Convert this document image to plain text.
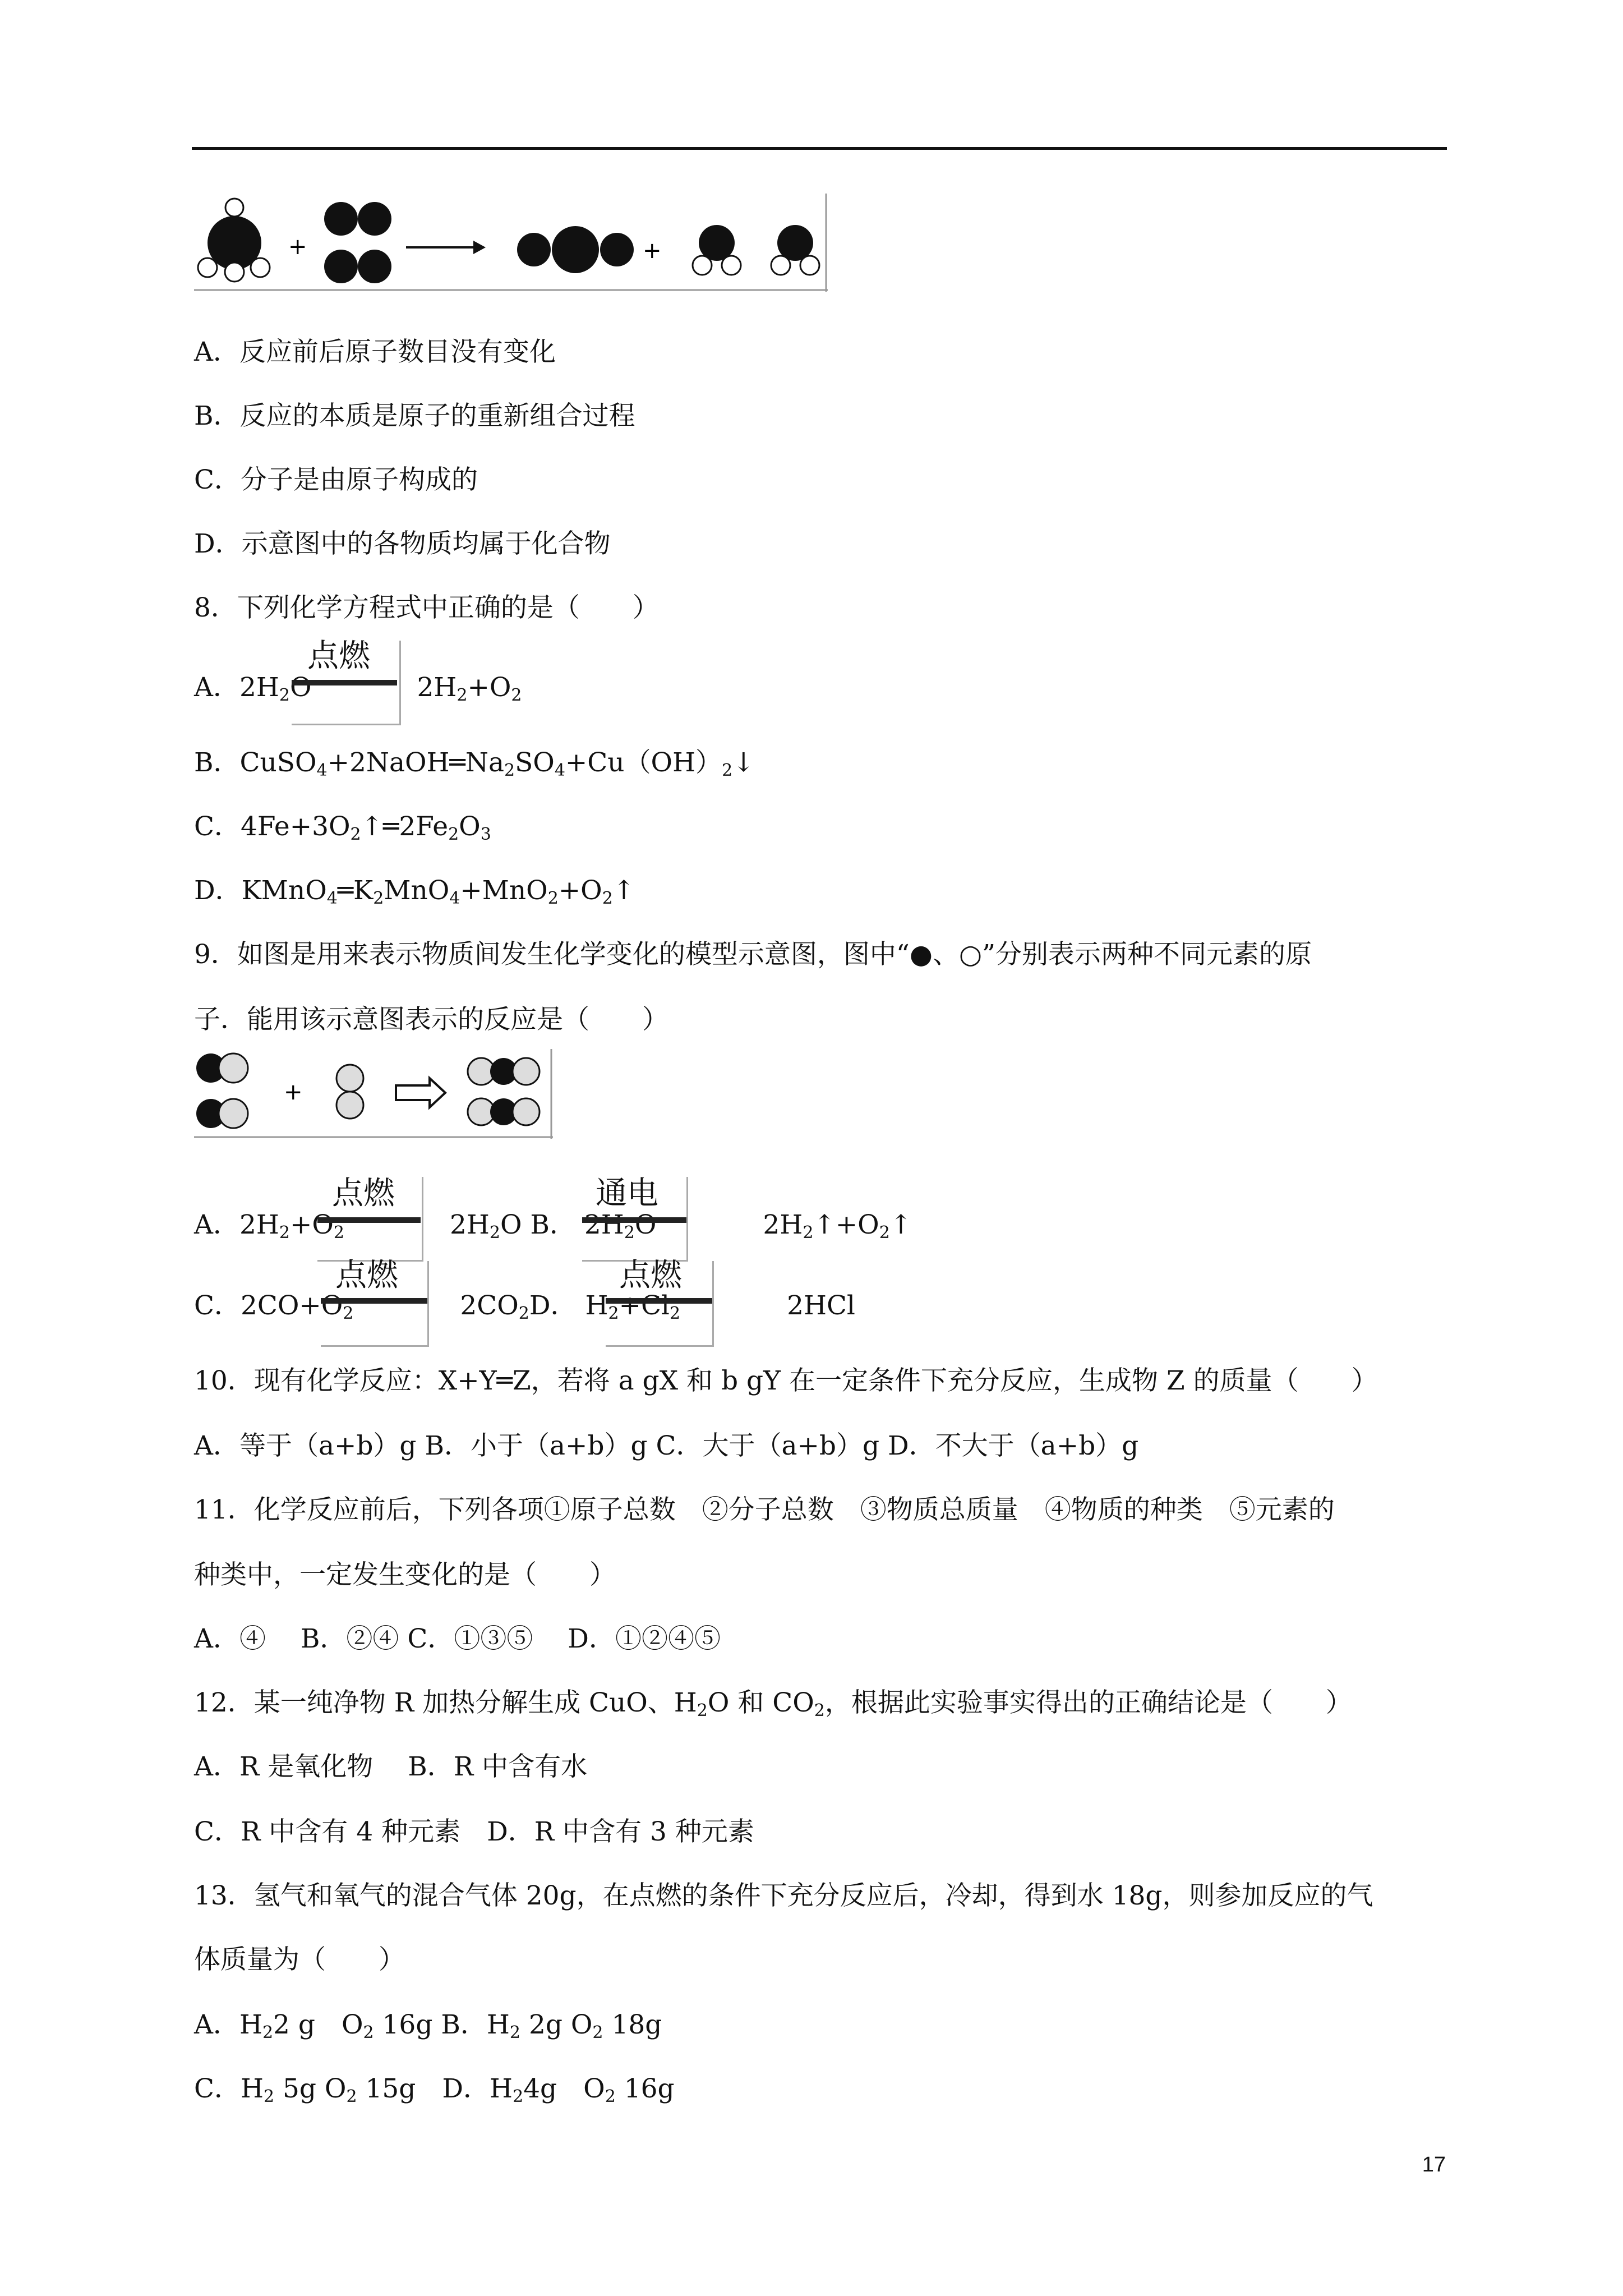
+	+
A．反应前后原子数目没有变化
B．反应的本质是原子的重新组合过程
C．分子是由原子构成的
D．示意图中的各物质均属于化合物
8．下列化学方程式中正确的是（　　）
A．$2H_2O$	$2H_2+O_2$
点燃
B．$CuSO_4+2NaOH═Na_2SO_4+Cu(OH)_2↓$
C．$4Fe+3O_2↑═2Fe_2O_3$
D．$KMnO_4═K_2MnO_4+MnO_2+O_2↑$
9．如图是用来表示物质间发生化学变化的模型示意图，图中“●、○”分别表示两种不同元素的原
子．能用该示意图表示的反应是（　　）
+
A．$2H_2+O_2$	$2H_2O$ B． $2H_2O$	$2H_2↑+O_2↑$
点燃	通电
C．$2CO+O_2$	$2CO_2D$． $H_2+Cl_2$	2HCl
点燃	点燃
10．现有化学反应：X+Y═Z，若将 a gX 和 b gY 在一定条件下充分反应，生成物 Z 的质量（　　）
A．等于（a+b）g B．小于（a+b）g C．大于（a+b）g D．不大于（a+b）g
11．化学反应前后，下列各项①原子总数　②分子总数　③物质总质量　④物质的种类　⑤元素的
种类中，一定发生变化的是（　　）
A．④　 B．②④ C．①③⑤　 D．①②④⑤
12．某一纯净物 R 加热分解生成 CuO、$H_2O$ 和 $CO_2$，根据此实验事实得出的正确结论是（　　）
A．R 是氧化物　 B．R 中含有水
C．R 中含有 4 种元素　D．R 中含有 3 种元素
13．氢气和氧气的混合气体 20g，在点燃的条件下充分反应后，冷却，得到水 18g，则参加反应的气
体质量为（　　）
A．$H_22$ g　$O_2$ 16g B．$H_2$ 2g $O_2$ 18g
C．$H_2$ 5g $O_2$ 15g　D．$H_24g$　$O_2$ 16g
17
